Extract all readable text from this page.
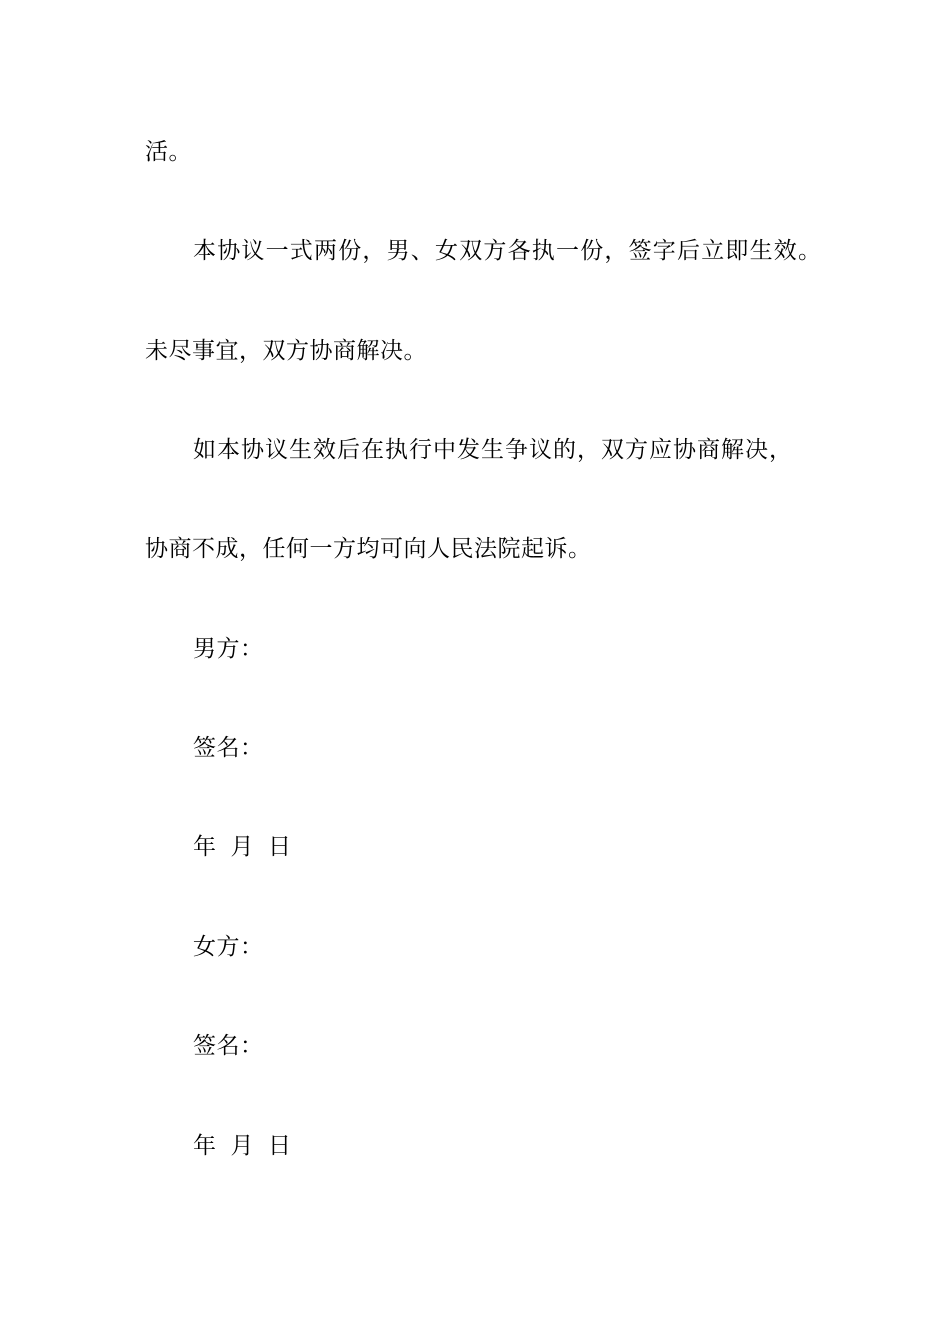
活。
本协议一式两份，男、女双方各执一份，签字后立即生效。
未尽事宜，双方协商解决。
如本协议生效后在执行中发生争议的，双方应协商解决，
协商不成，任何一方均可向人民法院起诉。
男方：
签名：
年 月 日
女方：
签名：
年 月 日
